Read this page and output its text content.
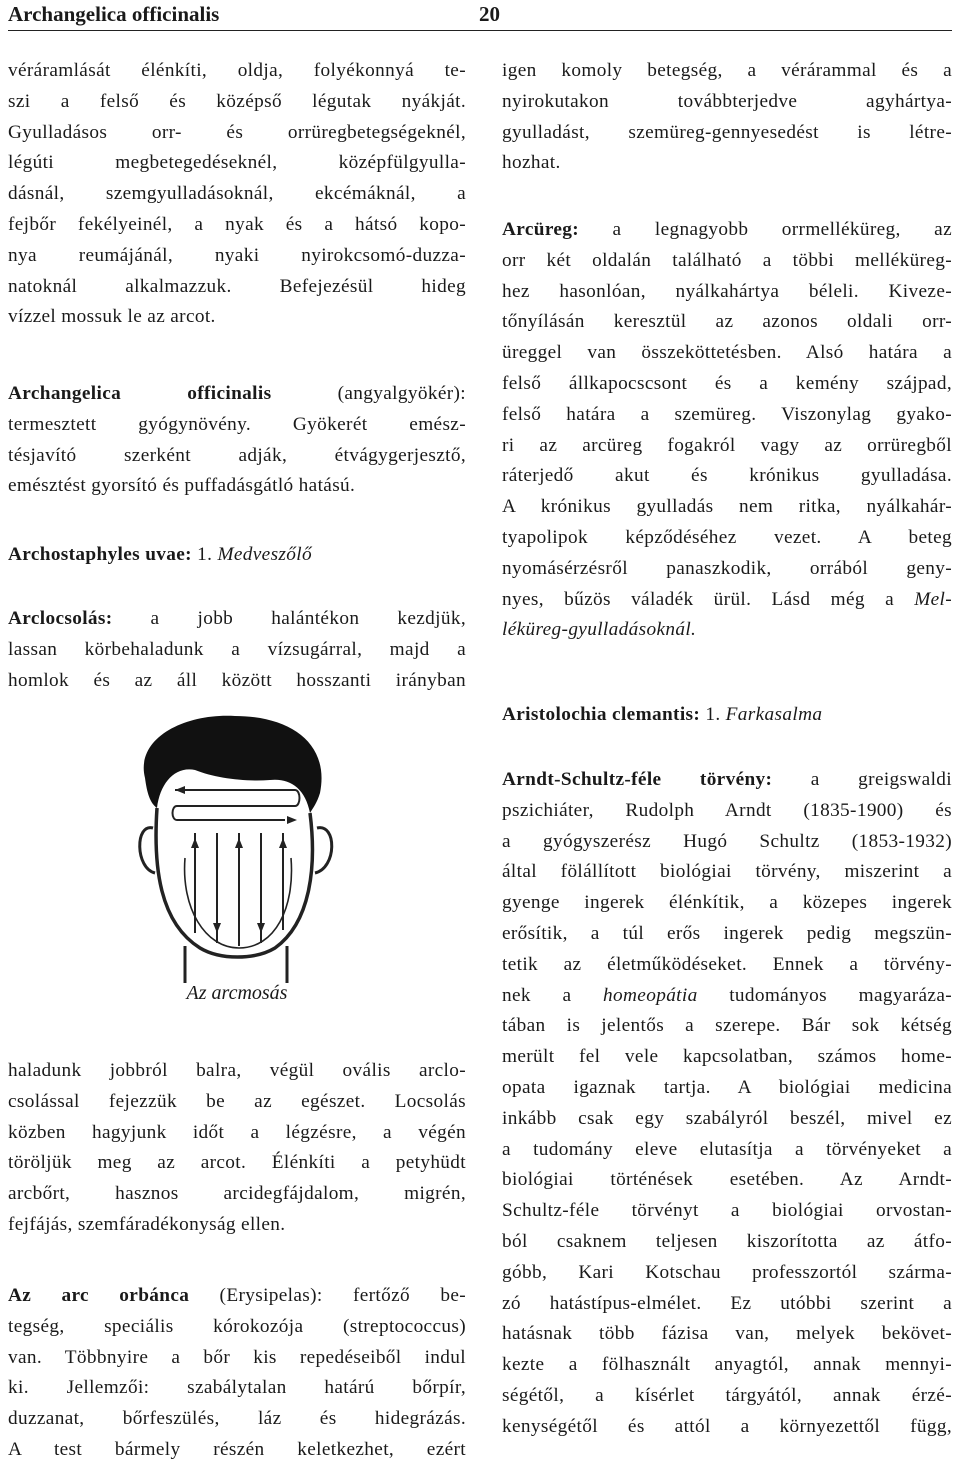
Archangelica officinalis	20
véráramlását élénkíti, oldja, folyékonnyá te-
szi a felső és középső légutak nyákját.
Gyulladásos orr- és orrüregbetegségeknél,
légúti megbetegedéseknél, középfülgyulla-
dásnál, szemgyulladásoknál, ekcémáknál, a
fejbőr fekélyeinél, a nyak és a hátsó kopo-
nya reumájánál, nyaki nyirokcsomó-duzza-
natoknál alkalmazzuk. Befejezésül hideg
vízzel mossuk le az arcot.
Archangelica officinalis (angyalgyökér):
termesztett gyógynövény. Gyökerét emész-
tésjavító szerként adják, étvágygerjesztő,
emésztést gyorsító és puffadásgátló hatású.
Archostaphyles uvae: 1. Medveszőlő
Arclocsolás: a jobb halántékon kezdjük,
lassan körbehaladunk a vízsugárral, majd a
homlok és az áll között hosszanti irányban
haladunk jobbról balra, végül ovális arclo-
csolással fejezzük be az egészet. Locsolás
közben hagyjunk időt a légzésre, a végén
töröljük meg az arcot. Élénkíti a petyhüdt
arcbőrt, hasznos arcidegfájdalom, migrén,
fejfájás, szemfáradékonyság ellen.
Az arc orbánca (Erysipelas): fertőző be-
tegség, speciális kórokozója (streptococcus)
van. Többnyire a bőr kis repedéseiből indul
ki. Jellemzői: szabálytalan határú bőrpír,
duzzanat, bőrfeszülés, láz és hidegrázás.
A test bármely részén keletkezhet, ezért
Az arcmosás
igen komoly betegség, a vérárammal és a
nyirokutakon továbbterjedve agyhártya-
gyulladást, szemüreg-gennyesedést is létre-
hozhat.
Arcüreg: a legnagyobb orrmelléküreg, az
orr két oldalán található a többi melléküreg-
hez hasonlóan, nyálkahártya béleli. Kiveze-
tőnyílásán keresztül az azonos oldali orr-
üreggel van összeköttetésben. Alsó határa a
felső állkapocscsont és a kemény szájpad,
felső határa a szemüreg. Viszonylag gyako-
ri az arcüreg fogakról vagy az orrüregből
ráterjedő akut és krónikus gyulladása.
A krónikus gyulladás nem ritka, nyálkahár-
tyapolipok képződéséhez vezet. A beteg
nyomásérzésről panaszkodik, orrából geny-
nyes, bűzös váladék ürül. Lásd még a Mel-
léküreg-gyulladásoknál.
Aristolochia clemantis: 1. Farkasalma
Arndt-Schultz-féle törvény: a greigswaldi
pszichiáter, Rudolph Arndt (1835-1900) és
a gyógyszerész Hugó Schultz (1853-1932)
által fölállított biológiai törvény, miszerint a
gyenge ingerek élénkítik, a közepes ingerek
erősítik, a túl erős ingerek pedig megszün-
tetik az életműködéseket. Ennek a törvény-
nek a homeopátia tudományos magyaráza-
tában is jelentős a szerepe. Bár sok kétség
merült fel vele kapcsolatban, számos home-
opata igaznak tartja. A biológiai medicina
inkább csak egy szabályról beszél, mivel ez
a tudomány eleve elutasítja a törvényeket a
biológiai történések esetében. Az Arndt-
Schultz-féle törvényt a biológiai orvostan-
ból csaknem teljesen kiszorította az átfo-
góbb, Kari Kotschau professzortól szárma-
zó hatástípus-elmélet. Ez utóbbi szerint a
hatásnak több fázisa van, melyek bekövet-
kezte a fölhasznált anyagtól, annak mennyi-
ségétől, a kísérlet tárgyától, annak érzé-
kenységétől és attól a környezettől függ,
